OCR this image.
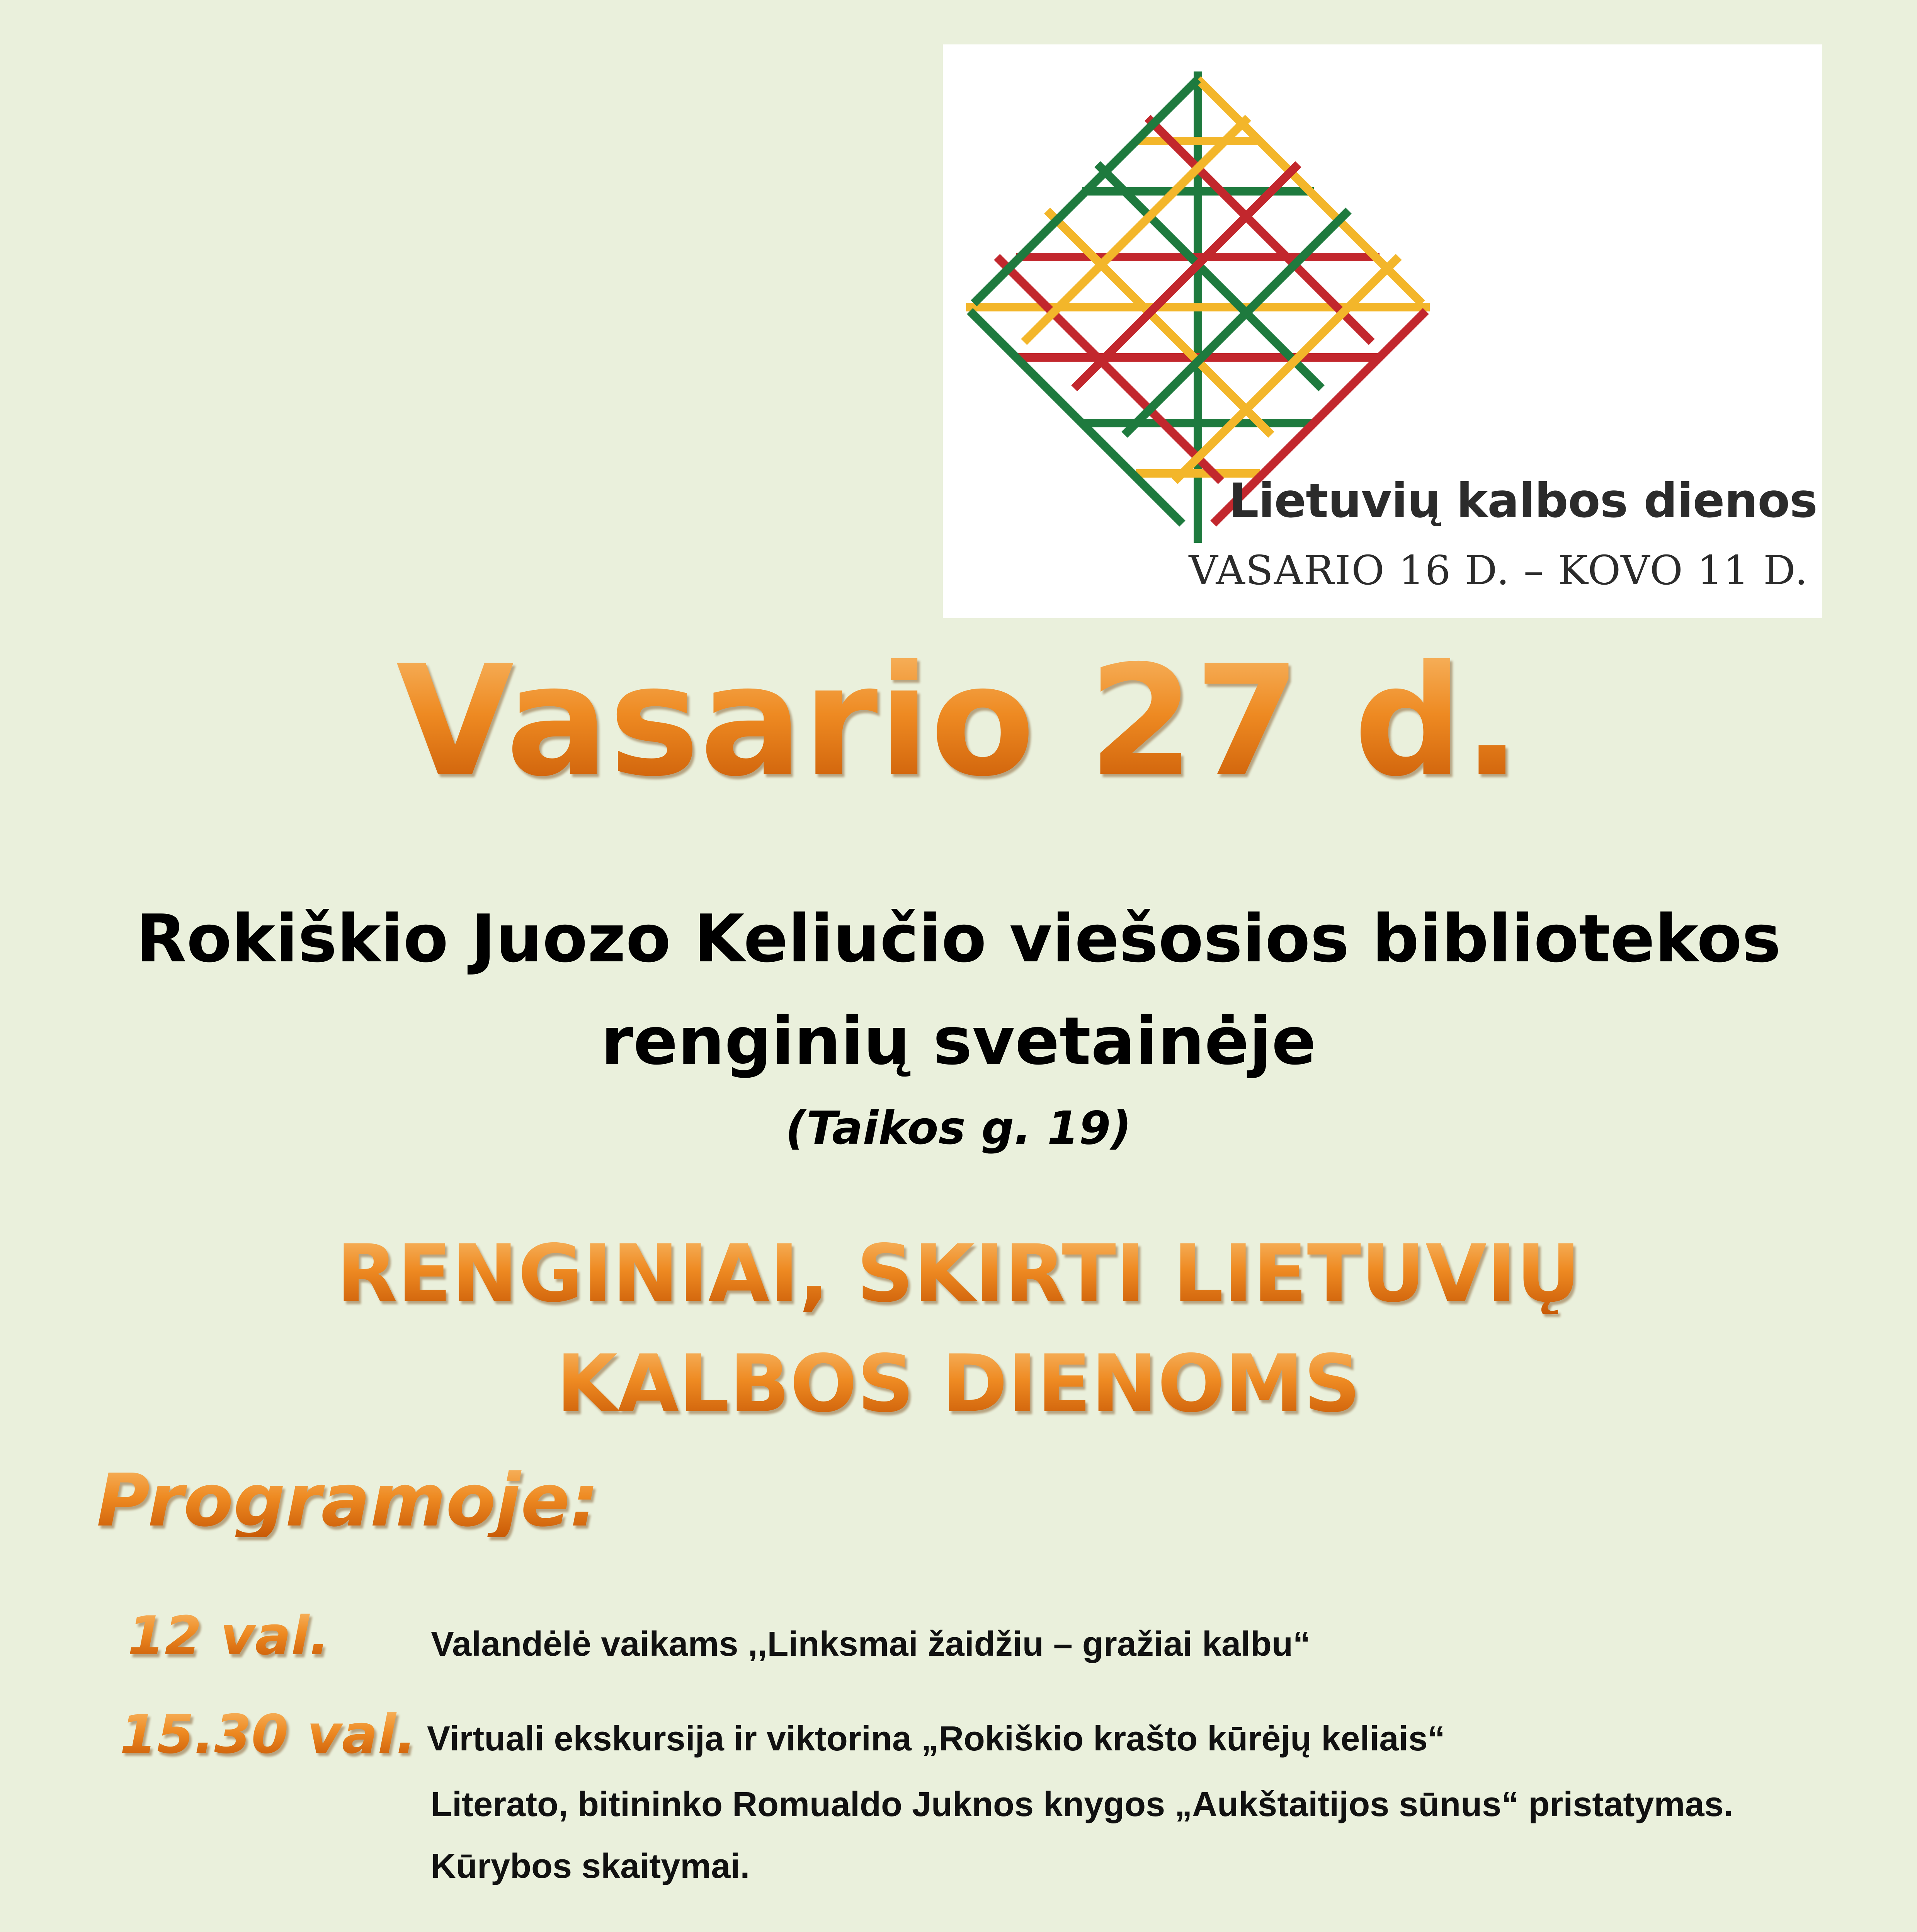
Lietuvių kalbos dienos
VASARIO 16 D. – KOVO 11 D.
Vasario 27 d.
Rokiškio Juozo Keliučio viešosios bibliotekos
renginių svetainėje
(Taikos g. 19)
RENGINIAI, SKIRTI LIETUVIŲ
KALBOS DIENOMS
Programoje:
12 val.	Valandėlė vaikams ,,Linksmai žaidžiu – gražiai kalbu“
15.30 val. Virtuali ekskursija ir viktorina „Rokiškio krašto kūrėjų keliais“
Literato, bitininko Romualdo Juknos knygos „Aukštaitijos sūnus“ pristatymas.
Kūrybos skaitymai.
